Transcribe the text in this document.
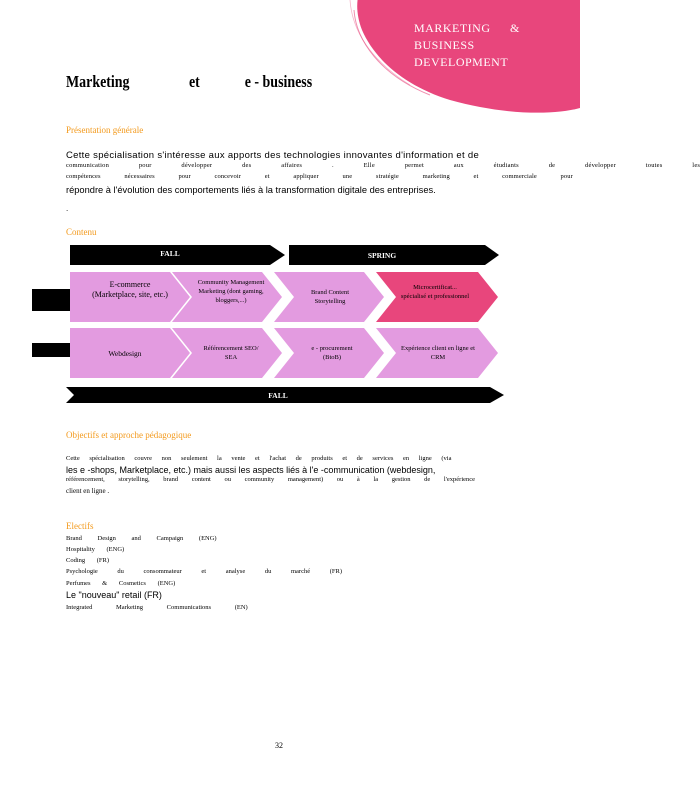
MARKETING	&
BUSINESS
DEVELOPMENT
Marketing	et	e - business
Présentation générale
Cette spécialisation s'intéresse aux apports des technologies innovantes d'information et de
communication pour développer des affaires . Elle permet aux étudiants de développer toutes les
compétences nécessaires pour concevoir et appliquer une stratégie marketing et commerciale pour
répondre à l'évolution des comportements liés à la transformation digitale des entreprises.
.
Contenu
FALL	SPRING
FALL
E-commerce (Marketplace, site, etc.)
Community Management Marketing (dont gaming, bloggers,...)
Brand Content Storytelling
Microcertificat... spécialisé et professionnel
Webdesign
Référencement SEO/ SEA
e - procurement (BtoB)
Expérience client en ligne et CRM
Objectifs et approche pédagogique
Cette spécialisation couvre non seulement la vente et l'achat de produits et de services en ligne (via
les e -shops, Marketplace, etc.) mais aussi les aspects liés à l'e -communication (webdesign,
référencement, storytelling, brand content ou community management) ou à la gestion de l'expérience
client en ligne .
Electifs
Brand Design and Campaign (ENG)
Hospitality (ENG)
Coding (FR)
Psychologie du consommateur et analyse du marché (FR)
Perfumes & Cosmetics (ENG)
Le "nouveau" retail (FR)
Integrated Marketing Communications (EN)
32
